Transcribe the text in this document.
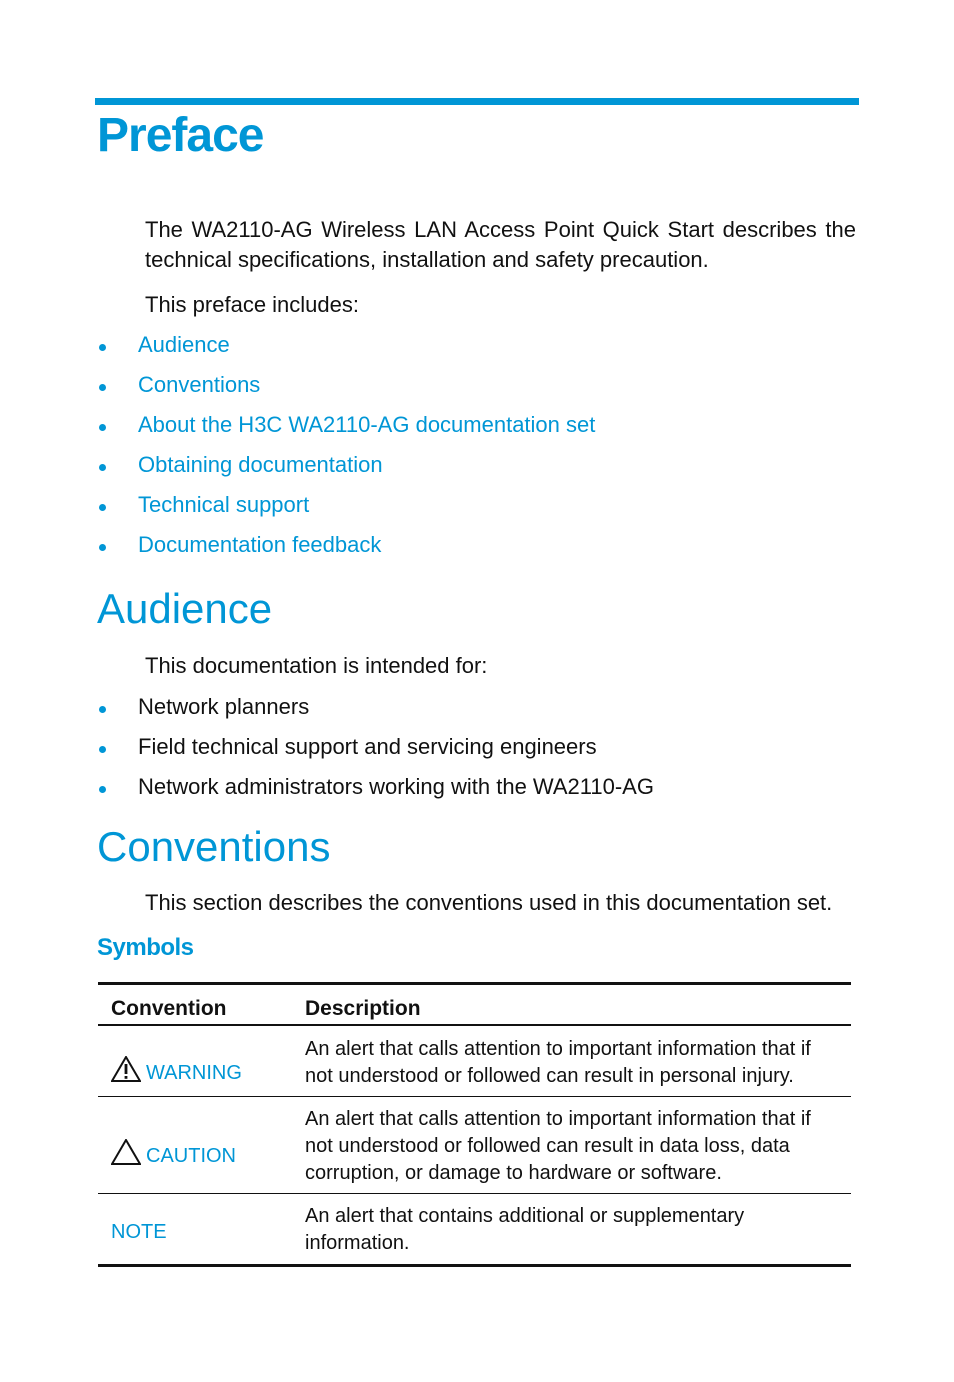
Preface

The WA2110-AG Wireless LAN Access Point Quick Start describes the technical specifications, installation and safety precaution.

This preface includes:

Audience
Conventions
About the H3C WA2110-AG documentation set
Obtaining documentation
Technical support
Documentation feedback
Audience

This documentation is intended for:

Network planners
Field technical support and servicing engineers
Network administrators working with the WA2110-AG
Conventions

This section describes the conventions used in this documentation set.

Symbols
Convention	Description
WARNING
An alert that calls attention to important information that if not understood or followed can result in personal injury.
CAUTION
An alert that calls attention to important information that if not understood or followed can result in data loss, data corruption, or damage to hardware or software.
NOTE
An alert that contains additional or supplementary information.
